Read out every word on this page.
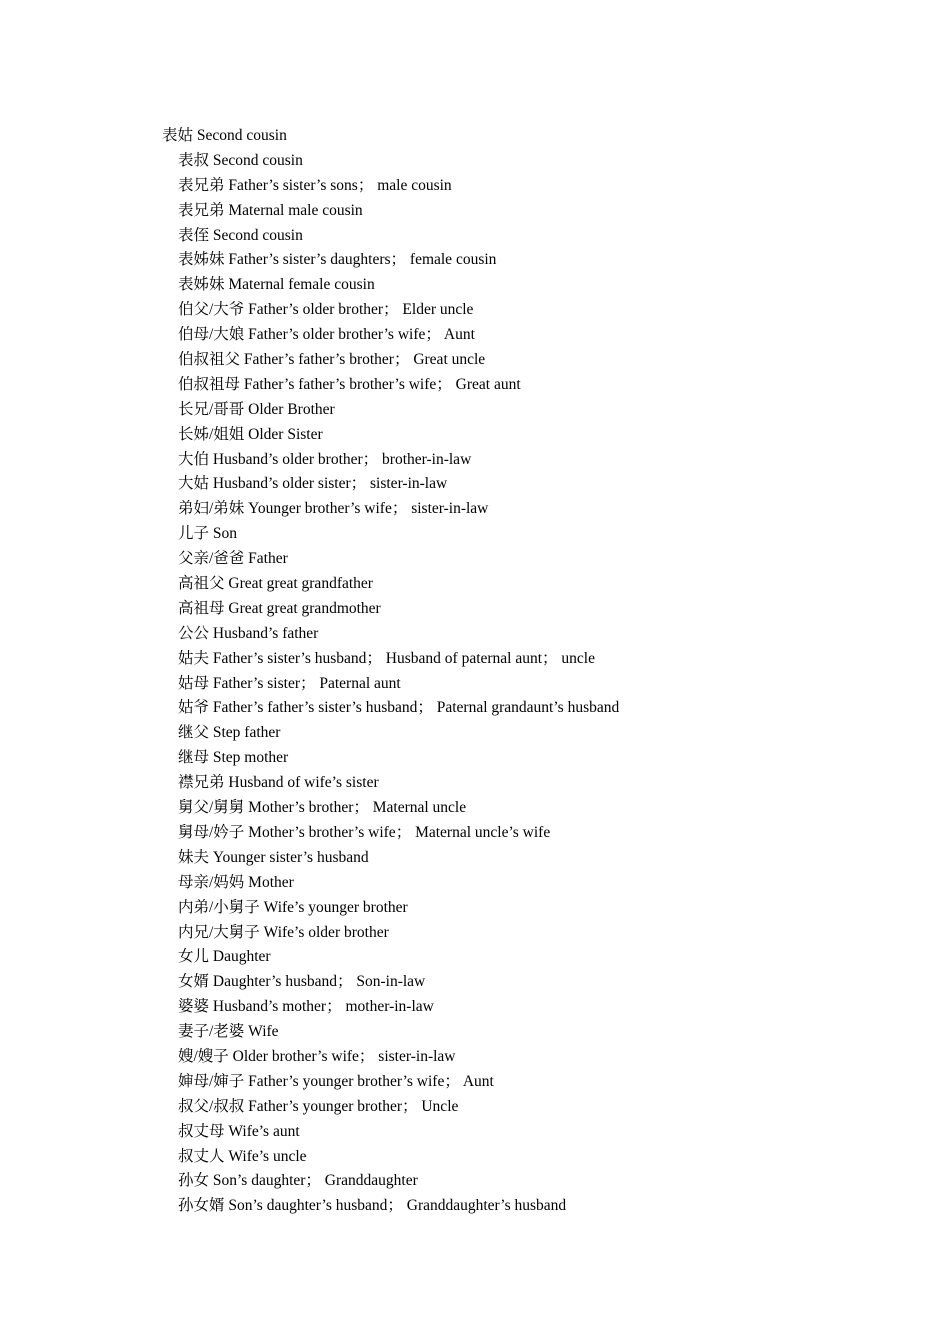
表姑 Second cousin
表叔 Second cousin
表兄弟 Father’s sister’s sons； male cousin
表兄弟 Maternal male cousin
表侄 Second cousin
表姊妹 Father’s sister’s daughters； female cousin
表姊妹 Maternal female cousin
伯父/大爷 Father’s older brother； Elder uncle
伯母/大娘 Father’s older brother’s wife； Aunt
伯叔祖父 Father’s father’s brother； Great uncle
伯叔祖母 Father’s father’s brother’s wife； Great aunt
长兄/哥哥 Older Brother
长姊/姐姐 Older Sister
大伯 Husband’s older brother； brother-in-law
大姑 Husband’s older sister； sister-in-law
弟妇/弟妹 Younger brother’s wife； sister-in-law
儿子 Son
父亲/爸爸 Father
高祖父 Great great grandfather
高祖母 Great great grandmother
公公 Husband’s father
姑夫 Father’s sister’s husband； Husband of paternal aunt； uncle
姑母 Father’s sister； Paternal aunt
姑爷 Father’s father’s sister’s husband； Paternal grandaunt’s husband
继父 Step father
继母 Step mother
襟兄弟 Husband of wife’s sister
舅父/舅舅 Mother’s brother； Maternal uncle
舅母/妗子 Mother’s brother’s wife； Maternal uncle’s wife
妹夫 Younger sister’s husband
母亲/妈妈 Mother
内弟/小舅子 Wife’s younger brother
内兄/大舅子 Wife’s older brother
女儿 Daughter
女婿 Daughter’s husband； Son-in-law
婆婆 Husband’s mother； mother-in-law
妻子/老婆 Wife
嫂/嫂子 Older brother’s wife； sister-in-law
婶母/婶子 Father’s younger brother’s wife； Aunt
叔父/叔叔 Father’s younger brother； Uncle
叔丈母 Wife’s aunt
叔丈人 Wife’s uncle
孙女 Son’s daughter； Granddaughter
孙女婿 Son’s daughter’s husband； Granddaughter’s husband
